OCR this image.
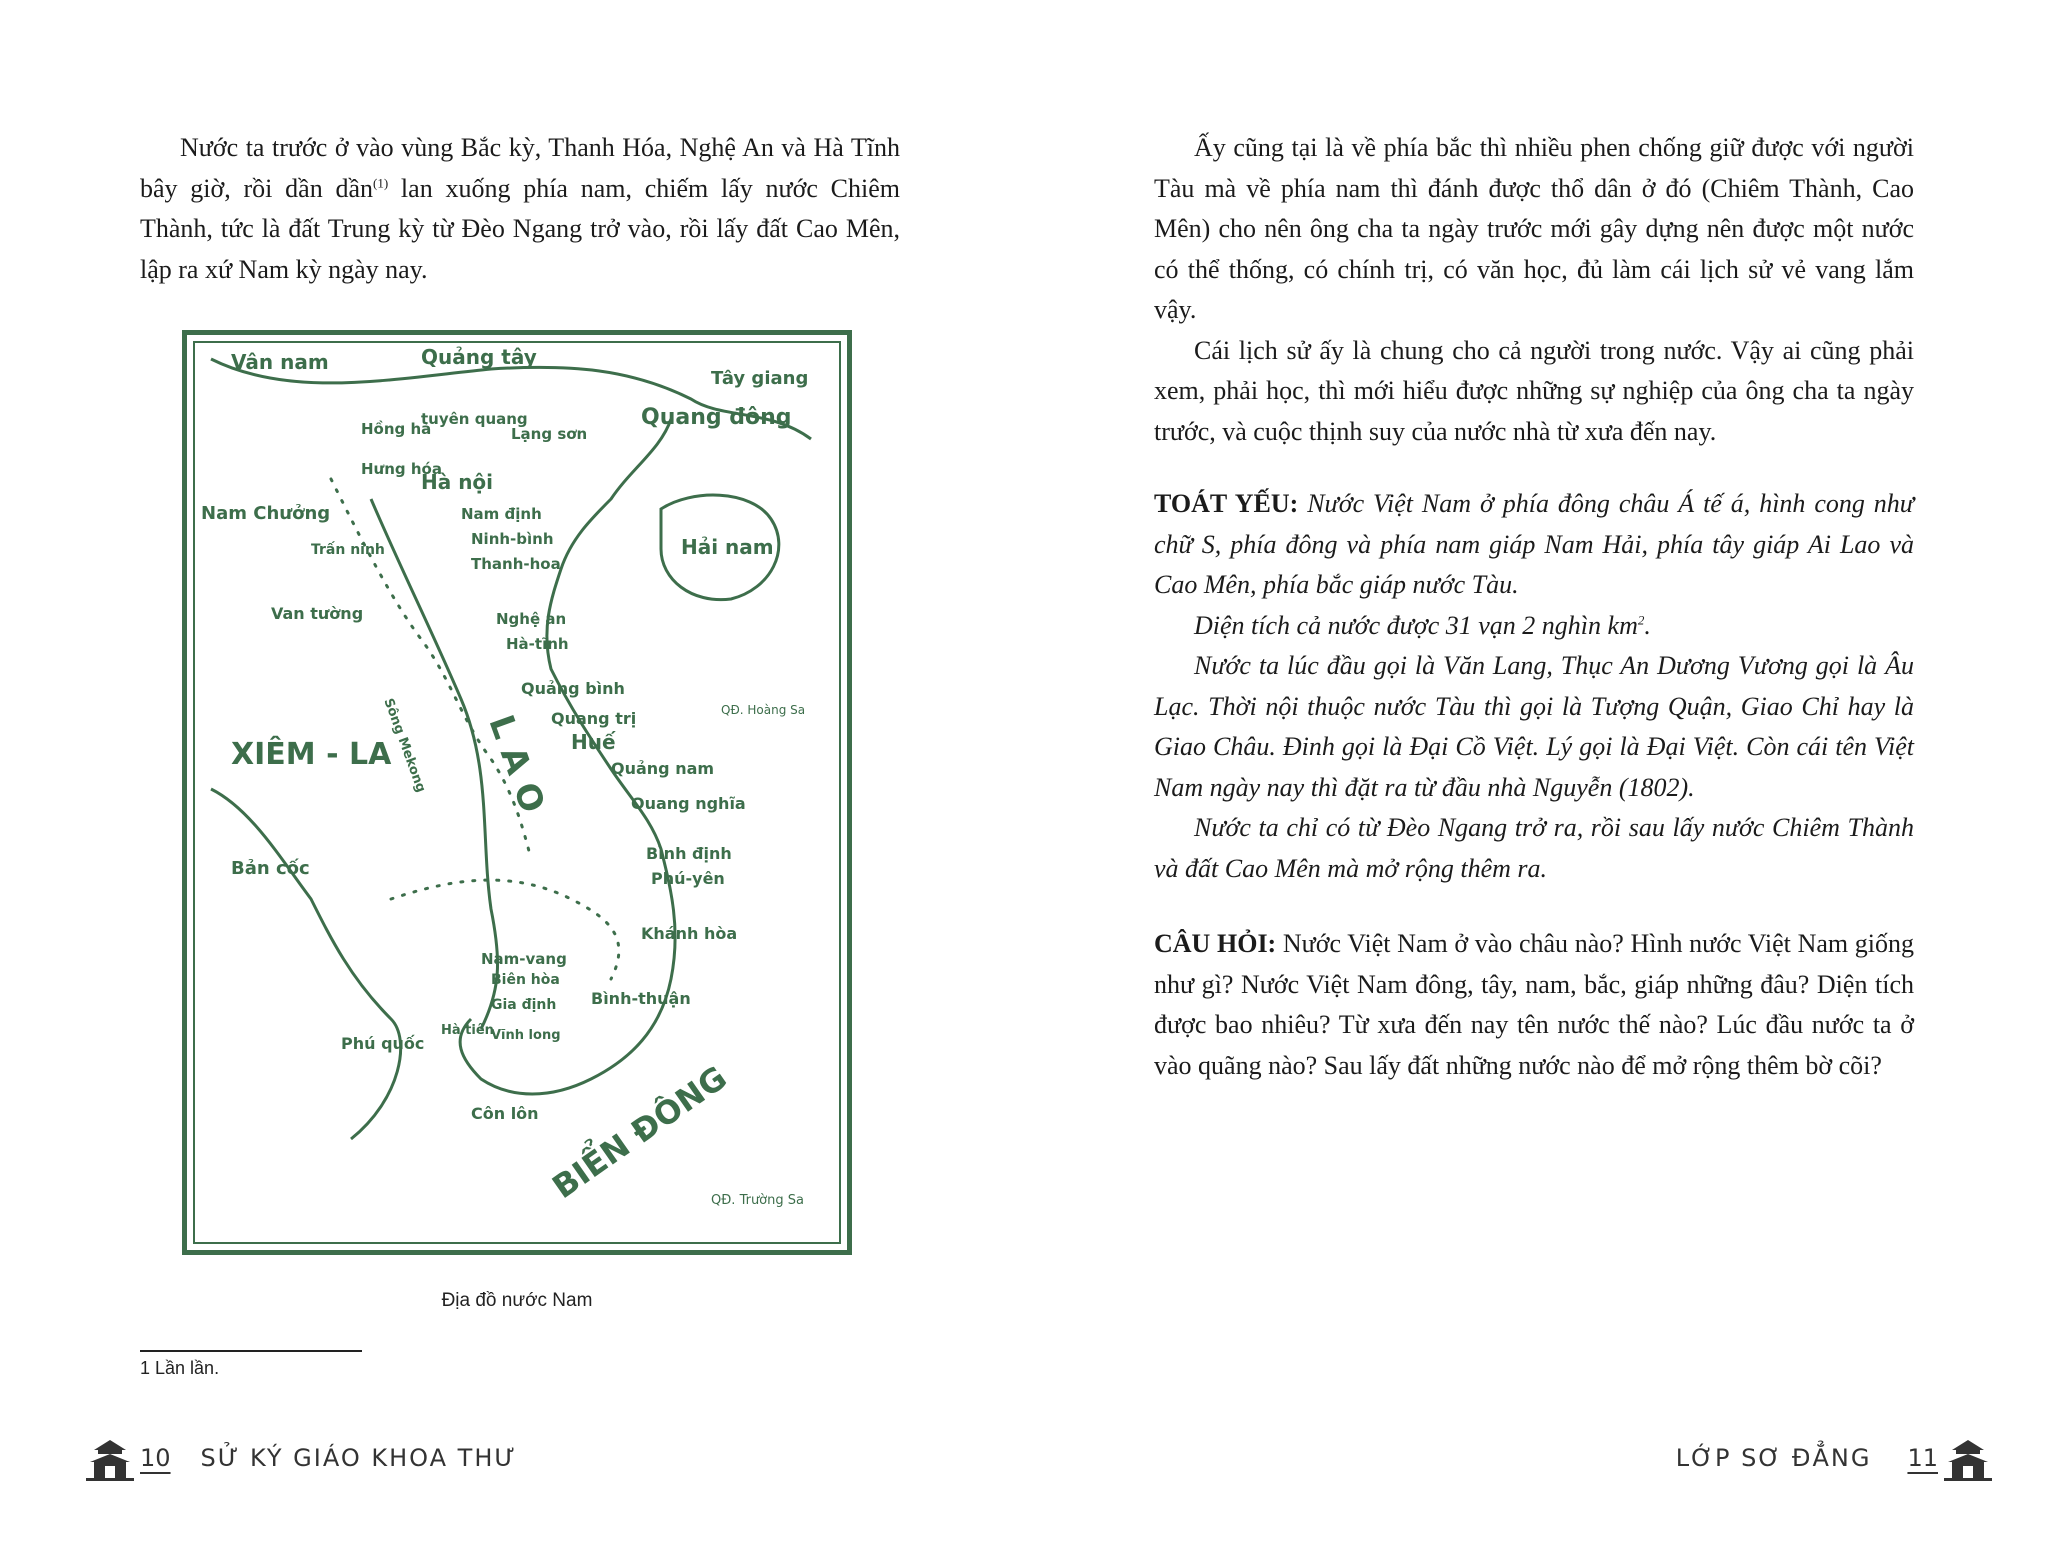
Nước ta trước ở vào vùng Bắc kỳ, Thanh Hóa, Nghệ An và Hà Tĩnh bây giờ, rồi dần dần$^{(1)}$ lan xuống phía nam, chiếm lấy nước Chiêm Thành, tức là đất Trung kỳ từ Đèo Ngang trở vào, rồi lấy đất Cao Mên, lập ra xứ Nam kỳ ngày nay.

Vân nam	Quảng tây
Tây giang
Quang đông
tuyên quang
Lạng sơn
Hồng hà
Hưng hóa
Hà nội
Nam định
Ninh-bình
Thanh-hoa
Nam Chưởng
Trấn ninh
Van tường	Nghệ an
Hà-tĩnh
Hải nam
Quảng bình
QĐ. Hoàng Sa
Quang trị
Huế
XIÊM - LA	L A O
Sông Mekong	Quảng nam
Quang nghĩa
Bình định
Phú-yên
Bản cốc
Khánh hòa
Nam-vang
Biên hòa
Gia định Bình-thuận
Hà tiên
Vĩnh long
Phú quốc
Côn lôn BIỂN ĐÔNG
QĐ. Trường Sa
Địa đồ nước Nam
1 Lần lần.
10 SỬ KÝ GIÁO KHOA THƯ

Ấy cũng tại là về phía bắc thì nhiều phen chống giữ được với người Tàu mà về phía nam thì đánh được thổ dân ở đó (Chiêm Thành, Cao Mên) cho nên ông cha ta ngày trước mới gây dựng nên được một nước có thể thống, có chính trị, có văn học, đủ làm cái lịch sử vẻ vang lắm vậy.

Cái lịch sử ấy là chung cho cả người trong nước. Vậy ai cũng phải xem, phải học, thì mới hiểu được những sự nghiệp của ông cha ta ngày trước, và cuộc thịnh suy của nước nhà từ xưa đến nay.

TOÁT YẾU: Nước Việt Nam ở phía đông châu Á tế á, hình cong như chữ S, phía đông và phía nam giáp Nam Hải, phía tây giáp Ai Lao và Cao Mên, phía bắc giáp nước Tàu.

Diện tích cả nước được 31 vạn 2 nghìn $km^2$.

Nước ta lúc đầu gọi là Văn Lang, Thục An Dương Vương gọi là Âu Lạc. Thời nội thuộc nước Tàu thì gọi là Tượng Quận, Giao Chỉ hay là Giao Châu. Đinh gọi là Đại Cồ Việt. Lý gọi là Đại Việt. Còn cái tên Việt Nam ngày nay thì đặt ra từ đầu nhà Nguyễn (1802).

Nước ta chỉ có từ Đèo Ngang trở ra, rồi sau lấy nước Chiêm Thành và đất Cao Mên mà mở rộng thêm ra.

CÂU HỎI: Nước Việt Nam ở vào châu nào? Hình nước Việt Nam giống như gì? Nước Việt Nam đông, tây, nam, bắc, giáp những đâu? Diện tích được bao nhiêu? Từ xưa đến nay tên nước thế nào? Lúc đầu nước ta ở vào quãng nào? Sau lấy đất những nước nào để mở rộng thêm bờ cõi?

LỚP SƠ ĐẲNG 11
